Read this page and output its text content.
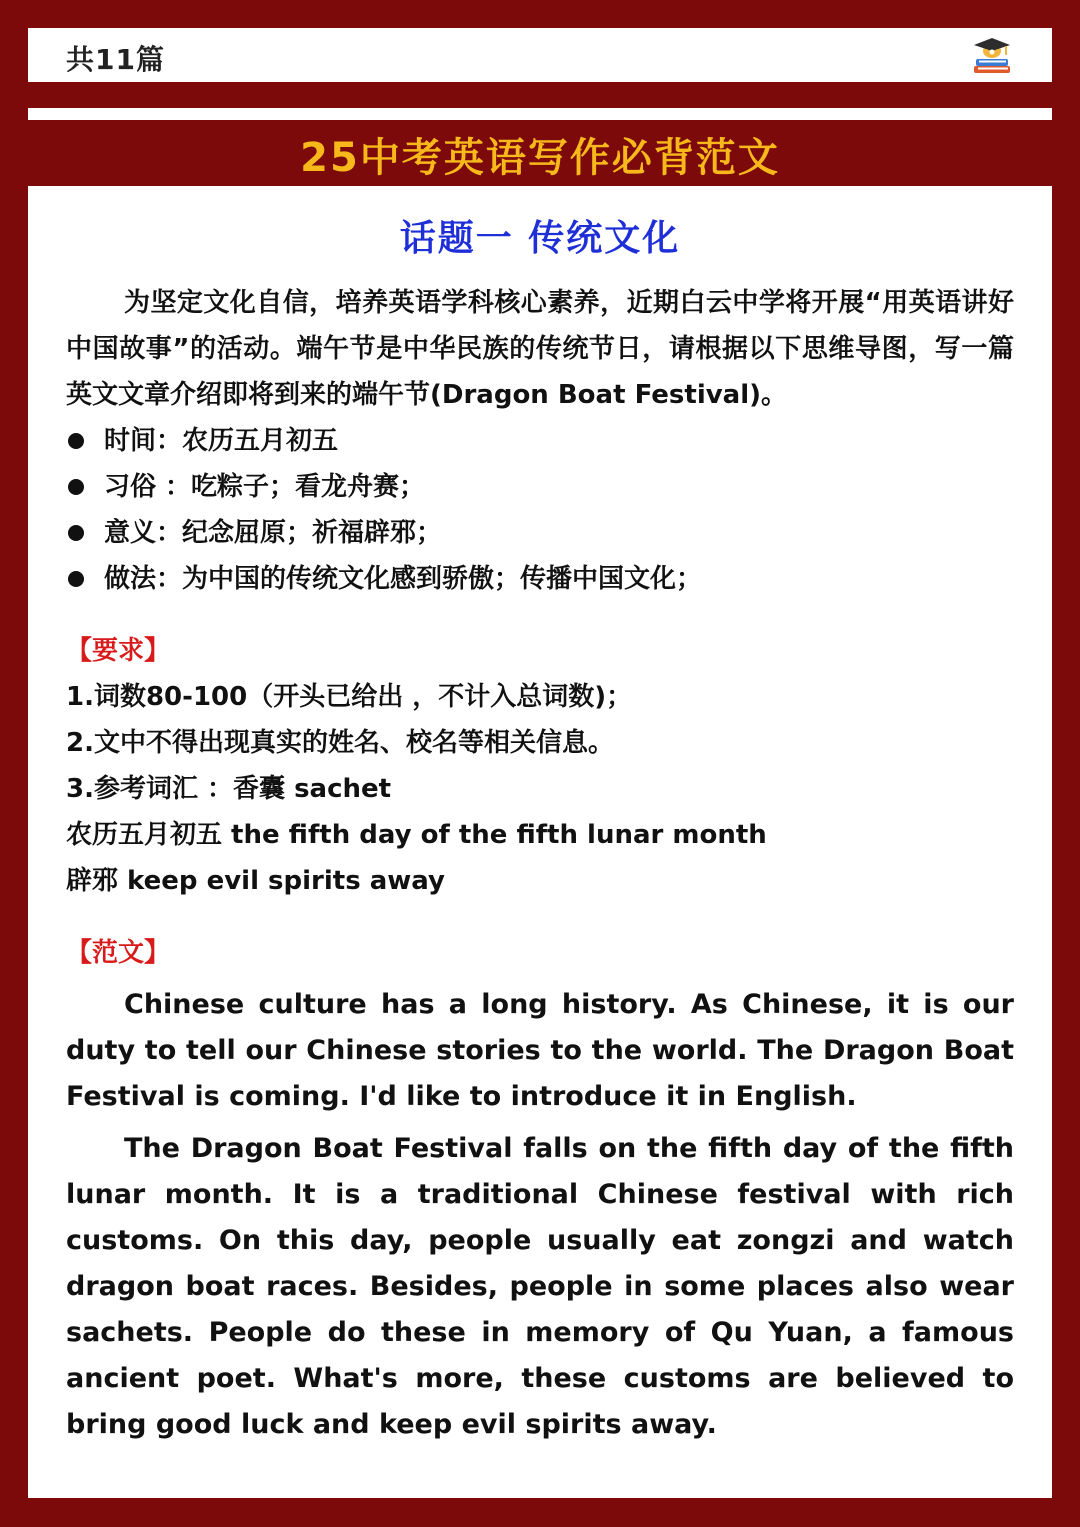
共11篇
25中考英语写作必背范文
话题一 传统文化

为坚定文化自信，培养英语学科核心素养，近期白云中学将开展“用英语讲好中国故事”的活动。端午节是中华民族的传统节日，请根据以下思维导图，写一篇英文文章介绍即将到来的端午节(Dragon Boat Festival)。

时间：农历五月初五
习俗 ：吃粽子；看龙舟赛；
意义：纪念屈原；祈福辟邪；
做法：为中国的传统文化感到骄傲；传播中国文化；
【要求】
1.词数80-100（开头已给出 ，不计入总词数)；
2.文中不得出现真实的姓名、校名等相关信息。
3.参考词汇 ：香囊 sachet
农历五月初五 the fifth day of the fifth lunar month
辟邪 keep evil spirits away
【范文】

Chinese culture has a long history. As Chinese, it is our duty to tell our Chinese stories to the world. The Dragon Boat Festival is coming. I'd like to introduce it in English.

The Dragon Boat Festival falls on the fifth day of the fifth lunar month. It is a traditional Chinese festival with rich customs. On this day, people usually eat zongzi and watch dragon boat races. Besides, people in some places also wear sachets. People do these in memory of Qu Yuan, a famous ancient poet. What's more, these customs are believed to bring good luck and keep evil spirits away.
